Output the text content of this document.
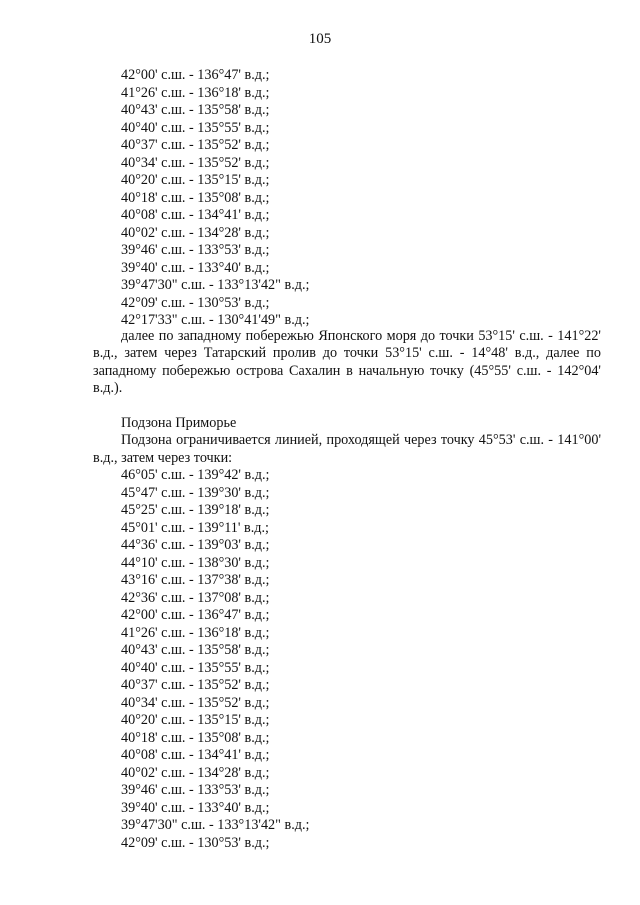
105
42°00' с.ш. - 136°47' в.д.;
41°26' с.ш. - 136°18' в.д.;
40°43' с.ш. - 135°58' в.д.;
40°40' с.ш. - 135°55' в.д.;
40°37' с.ш. - 135°52' в.д.;
40°34' с.ш. - 135°52' в.д.;
40°20' с.ш. - 135°15' в.д.;
40°18' с.ш. - 135°08' в.д.;
40°08' с.ш. - 134°41' в.д.;
40°02' с.ш. - 134°28' в.д.;
39°46' с.ш. - 133°53' в.д.;
39°40' с.ш. - 133°40' в.д.;
39°47'30" с.ш. - 133°13'42" в.д.;
42°09' с.ш. - 130°53' в.д.;
42°17'33" с.ш. - 130°41'49" в.д.;
далее по западному побережью Японского моря до точки 53°15' с.ш. - 141°22' в.д., затем через Татарский пролив до точки 53°15' с.ш. - 14°48' в.д., далее по западному побережью острова Сахалин в начальную точку (45°55' с.ш. - 142°04' в.д.).
Подзона Приморье
Подзона ограничивается линией, проходящей через точку 45°53' с.ш. - 141°00' в.д., затем через точки:
46°05' с.ш. - 139°42' в.д.;
45°47' с.ш. - 139°30' в.д.;
45°25' с.ш. - 139°18' в.д.;
45°01' с.ш. - 139°11' в.д.;
44°36' с.ш. - 139°03' в.д.;
44°10' с.ш. - 138°30' в.д.;
43°16' с.ш. - 137°38' в.д.;
42°36' с.ш. - 137°08' в.д.;
42°00' с.ш. - 136°47' в.д.;
41°26' с.ш. - 136°18' в.д.;
40°43' с.ш. - 135°58' в.д.;
40°40' с.ш. - 135°55' в.д.;
40°37' с.ш. - 135°52' в.д.;
40°34' с.ш. - 135°52' в.д.;
40°20' с.ш. - 135°15' в.д.;
40°18' с.ш. - 135°08' в.д.;
40°08' с.ш. - 134°41' в.д.;
40°02' с.ш. - 134°28' в.д.;
39°46' с.ш. - 133°53' в.д.;
39°40' с.ш. - 133°40' в.д.;
39°47'30" с.ш. - 133°13'42" в.д.;
42°09' с.ш. - 130°53' в.д.;
